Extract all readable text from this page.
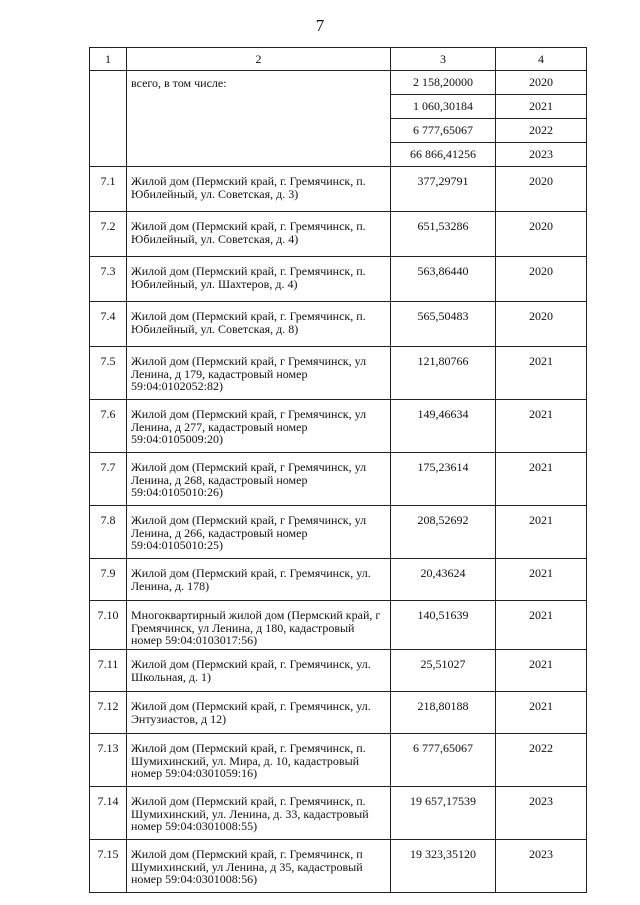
7
1	2	3	4
	всего, в том числе:	2 158,20000	2020
		1 060,30184	2021
		6 777,65067	2022
		66 866,41256	2023
7.1	Жилой дом (Пермский край, г. Гремячинск, п. Юбилейный, ул. Советская, д. 3)	377,29791	2020
7.2	Жилой дом (Пермский край, г. Гремячинск, п. Юбилейный, ул. Советская, д. 4)	651,53286	2020
7.3	Жилой дом (Пермский край, г. Гремячинск, п. Юбилейный, ул. Шахтеров, д. 4)	563,86440	2020
7.4	Жилой дом (Пермский край, г. Гремячинск, п. Юбилейный, ул. Советская, д. 8)	565,50483	2020
7.5	Жилой дом (Пермский край, г Гремячинск, ул Ленина, д 179, кадастровый номер 59:04:0102052:82)	121,80766	2021
7.6	Жилой дом (Пермский край, г Гремячинск, ул Ленина, д 277, кадастровый номер 59:04:0105009:20)	149,46634	2021
7.7	Жилой дом (Пермский край, г Гремячинск, ул Ленина, д 268, кадастровый номер 59:04:0105010:26)	175,23614	2021
7.8	Жилой дом (Пермский край, г Гремячинск, ул Ленина, д 266, кадастровый номер 59:04:0105010:25)	208,52692	2021
7.9	Жилой дом (Пермский край, г. Гремячинск, ул. Ленина, д. 178)	20,43624	2021
7.10	Многоквартирный жилой дом (Пермский край, г Гремячинск, ул Ленина, д 180, кадастровый номер 59:04:0103017:56)	140,51639	2021
7.11	Жилой дом (Пермский край, г. Гремячинск, ул. Школьная, д. 1)	25,51027	2021
7.12	Жилой дом (Пермский край, г. Гремячинск, ул. Энтузиастов, д 12)	218,80188	2021
7.13	Жилой дом (Пермский край, г. Гремячинск, п. Шумихинский, ул. Мира, д. 10, кадастровый номер 59:04:0301059:16)	6 777,65067	2022
7.14	Жилой дом (Пермский край, г. Гремячинск, п. Шумихинский, ул. Ленина, д. 33, кадастровый номер 59:04:0301008:55)	19 657,17539	2023
7.15	Жилой дом (Пермский край, г. Гремячинск, п Шумихинский, ул Ленина, д 35, кадастровый номер 59:04:0301008:56)	19 323,35120	2023
